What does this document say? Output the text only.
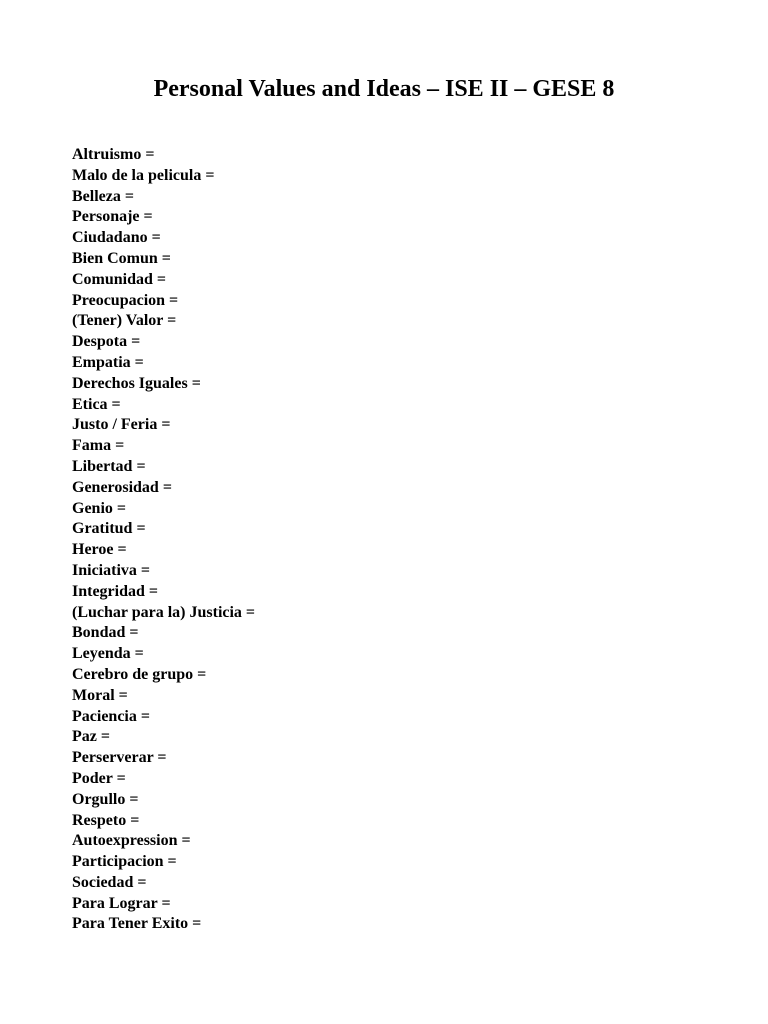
Personal Values and Ideas – ISE II – GESE 8
Altruismo =
Malo de la pelicula =
Belleza =
Personaje =
Ciudadano =
Bien Comun =
Comunidad =
Preocupacion =
(Tener) Valor =
Despota =
Empatia =
Derechos Iguales =
Etica =
Justo / Feria =
Fama =
Libertad =
Generosidad =
Genio =
Gratitud =
Heroe =
Iniciativa =
Integridad =
(Luchar para la) Justicia =
Bondad =
Leyenda =
Cerebro de grupo =
Moral =
Paciencia =
Paz =
Perserverar =
Poder =
Orgullo =
Respeto =
Autoexpression =
Participacion =
Sociedad =
Para Lograr =
Para Tener Exito =
